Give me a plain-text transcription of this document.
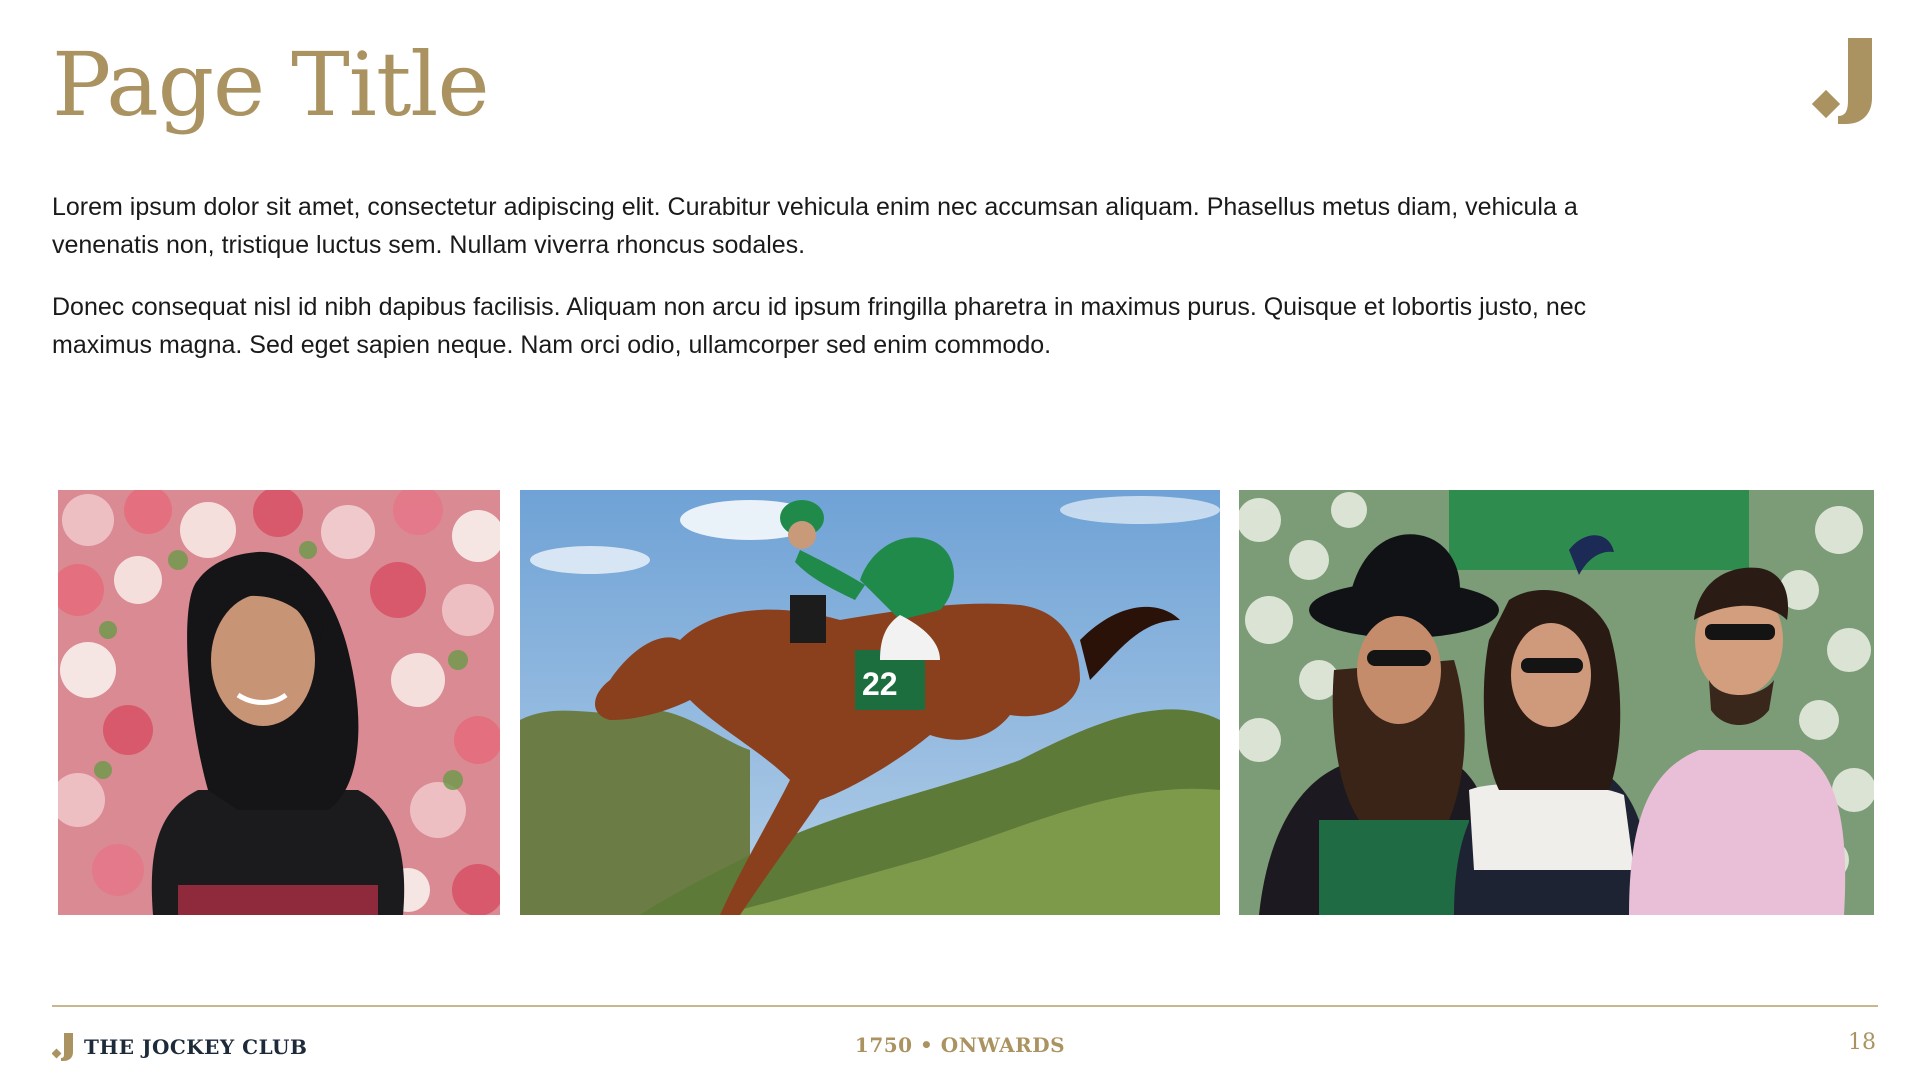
Page Title

Lorem ipsum dolor sit amet, consectetur adipiscing elit. Curabitur vehicula enim nec accumsan aliquam. Phasellus metus diam, vehicula a venenatis non, tristique luctus sem. Nullam viverra rhoncus sodales.

Donec consequat nisl id nibh dapibus facilisis. Aliquam non arcu id ipsum fringilla pharetra in maximus purus. Quisque et lobortis justo, nec maximus magna. Sed eget sapien neque. Nam orci odio, ullamcorper sed enim commodo.

22
THE JOCKEY CLUB	1750 • ONWARDS	18
